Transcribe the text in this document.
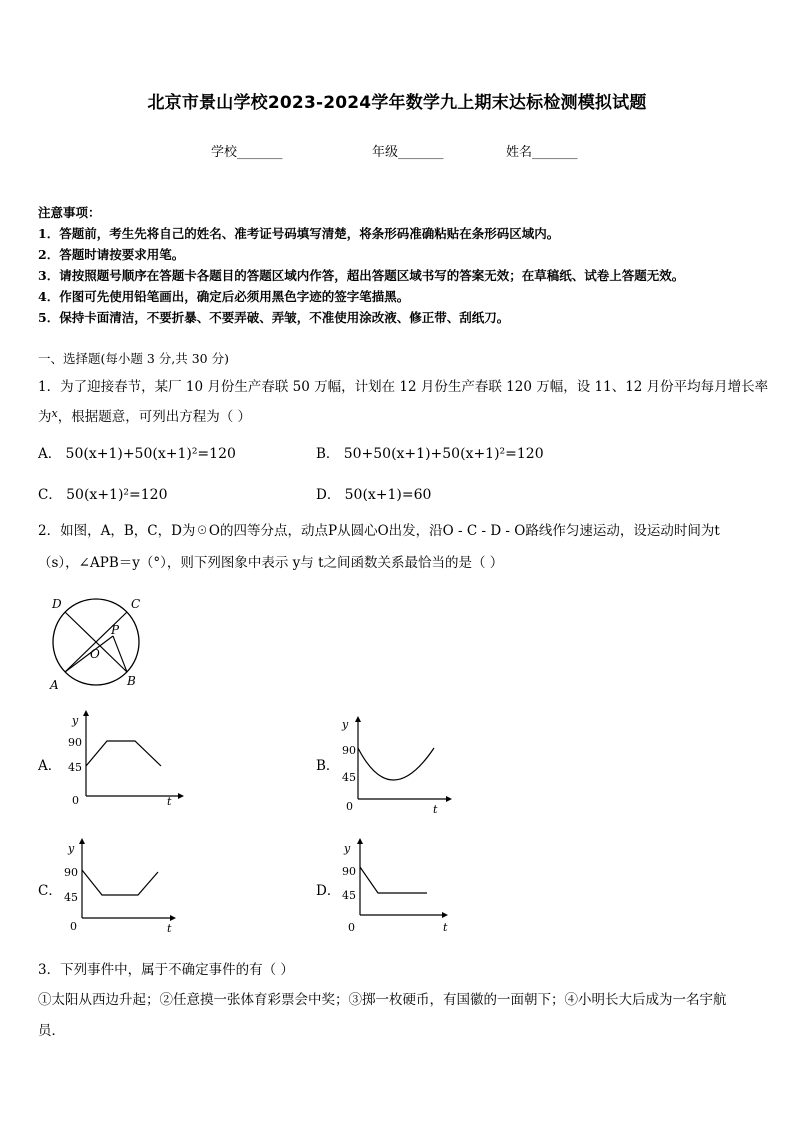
北京市景山学校2023-2024学年数学九上期末达标检测模拟试题
学校_______	年级_______	姓名_______
注意事项：
1．答题前，考生先将自己的姓名、准考证号码填写清楚，将条形码准确粘贴在条形码区域内。
2．答题时请按要求用笔。
3．请按照题号顺序在答题卡各题目的答题区域内作答，超出答题区域书写的答案无效；在草稿纸、试卷上答题无效。
4．作图可先使用铅笔画出，确定后必须用黑色字迹的签字笔描黑。
5．保持卡面清洁，不要折暴、不要弄破、弄皱，不准使用涂改液、修正带、刮纸刀。
一、选择题(每小题 3 分,共 30 分)
1．为了迎接春节，某厂 10 月份生产春联 50 万幅，计划在 12 月份生产春联 120 万幅，设 11、12 月份平均每月增长率
为$^x$，根据题意，可列出方程为（ ）
A． 50(x+1)+50(x+1)²=120	B． 50+50(x+1)+50(x+1)²=120
C． 50(x+1)²=120	D． 50(x+1)=60
2．如图，A，B，C，D为☉O的四等分点，动点P从圆心O出发，沿O - C - D - O路线作匀速运动，设运动时间为t
（s），∠APB＝y（°），则下列图象中表示 y与 t之间函数关系最恰当的是（ ）
D	C
A	B
O
P
A．
y
90
45
0	t
B．
y
90
45
0	t
C．
y
90
45
0	t
D．
y
90
45
0	t
3．下列事件中，属于不确定事件的有（ ）
①太阳从西边升起；②任意摸一张体育彩票会中奖；③掷一枚硬币，有国徽的一面朝下；④小明长大后成为一名宇航
员．
